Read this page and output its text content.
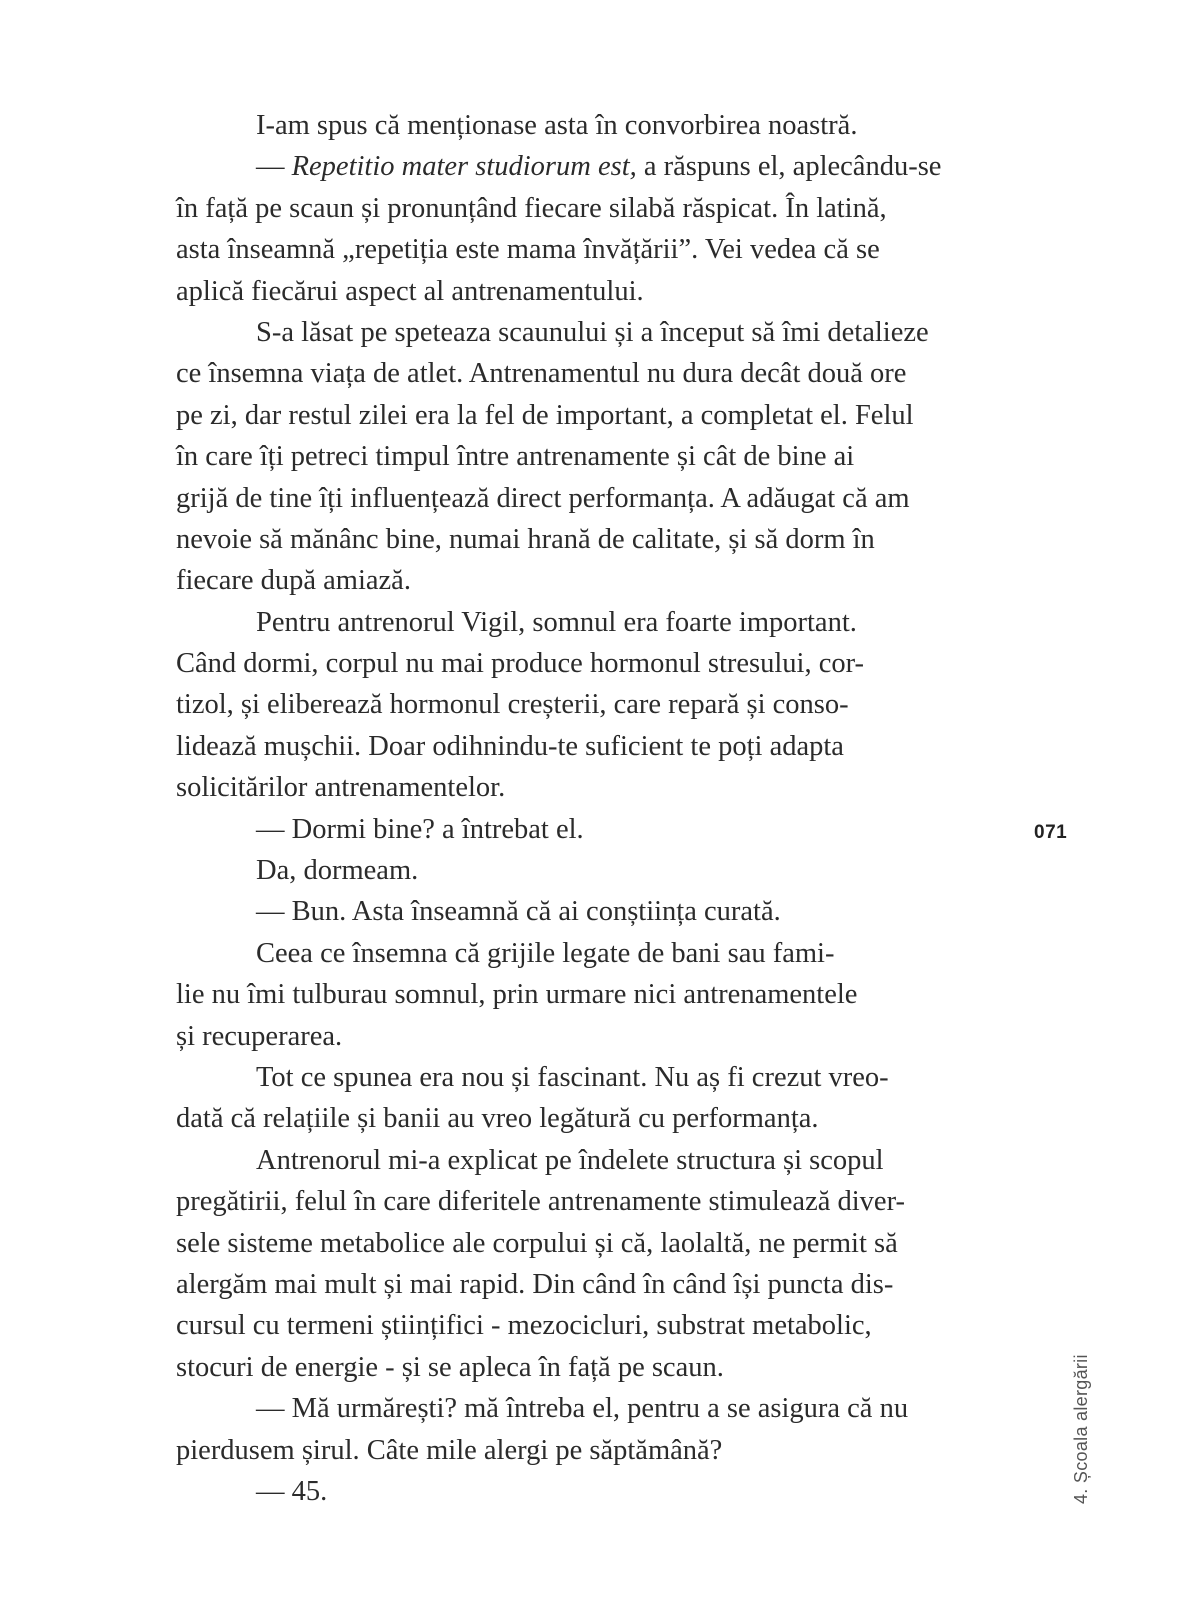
I-am spus că menționase asta în convorbirea noastră.
— Repetitio mater studiorum est, a răspuns el, aplecându-se
în față pe scaun și pronunțând fiecare silabă răspicat. În latină,
asta înseamnă „repetiția este mama învățării”. Vei vedea că se
aplică fiecărui aspect al antrenamentului.
S-a lăsat pe speteaza scaunului și a început să îmi detalieze
ce însemna viața de atlet. Antrenamentul nu dura decât două ore
pe zi, dar restul zilei era la fel de important, a completat el. Felul
în care îți petreci timpul între antrenamente și cât de bine ai
grijă de tine îți influențează direct performanța. A adăugat că am
nevoie să mănânc bine, numai hrană de calitate, și să dorm în
fiecare după amiază.
Pentru antrenorul Vigil, somnul era foarte important.
Când dormi, corpul nu mai produce hormonul stresului, cor-
tizol, și eliberează hormonul creșterii, care repară și conso-
lidează mușchii. Doar odihnindu-te suficient te poți adapta
solicitărilor antrenamentelor.
— Dormi bine? a întrebat el.
Da, dormeam.
— Bun. Asta înseamnă că ai conștiința curată.
Ceea ce însemna că grijile legate de bani sau fami-
lie nu îmi tulburau somnul, prin urmare nici antrenamentele
și recuperarea.
Tot ce spunea era nou și fascinant. Nu aș fi crezut vreo-
dată că relațiile și banii au vreo legătură cu performanța.
Antrenorul mi-a explicat pe îndelete structura și scopul
pregătirii, felul în care diferitele antrenamente stimulează diver-
sele sisteme metabolice ale corpului și că, laolaltă, ne permit să
alergăm mai mult și mai rapid. Din când în când își puncta dis-
cursul cu termeni științifici - mezocicluri, substrat metabolic,
stocuri de energie - și se apleca în față pe scaun.
— Mă urmărești? mă întreba el, pentru a se asigura că nu
pierdusem șirul. Câte mile alergi pe săptămână?
— 45.
071
4. Școala alergării
